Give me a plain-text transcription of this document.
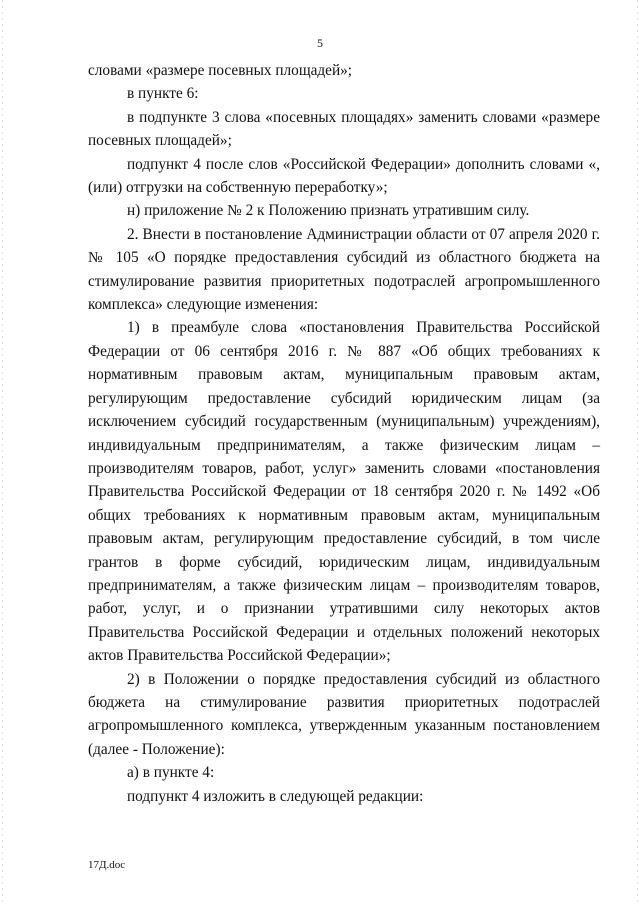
5

словами «размере посевных площадей»;

в пункте 6:

в подпункте 3 слова «посевных площадях» заменить словами «размере посевных площадей»;

подпункт 4 после слов «Российской Федерации» дополнить словами «, (или) отгрузки на собственную переработку»;

н) приложение № 2 к Положению признать утратившим силу.

2. Внести в постановление Администрации области от 07 апреля 2020 г. № 105 «О порядке предоставления субсидий из областного бюджета на стимулирование развития приоритетных подотраслей агропромышленного комплекса» следующие изменения:

1) в преамбуле слова «постановления Правительства Российской Федерации от 06 сентября 2016 г. № 887 «Об общих требованиях к нормативным правовым актам, муниципальным правовым актам, регулирующим предоставление субсидий юридическим лицам (за исключением субсидий государственным (муниципальным) учреждениям), индивидуальным предпринимателям, а также физическим лицам – производителям товаров, работ, услуг» заменить словами «постановления Правительства Российской Федерации от 18 сентября 2020 г. № 1492 «Об общих требованиях к нормативным правовым актам, муниципальным правовым актам, регулирующим предоставление субсидий, в том числе грантов в форме субсидий, юридическим лицам, индивидуальным предпринимателям, а также физическим лицам – производителям товаров, работ, услуг, и о признании утратившими силу некоторых актов Правительства Российской Федерации и отдельных положений некоторых актов Правительства Российской Федерации»;

2) в Положении о порядке предоставления субсидий из областного бюджета на стимулирование развития приоритетных подотраслей агропромышленного комплекса, утвержденным указанным постановлением (далее - Положение):

а) в пункте 4:

подпункт 4 изложить в следующей редакции:

17Д.doc
